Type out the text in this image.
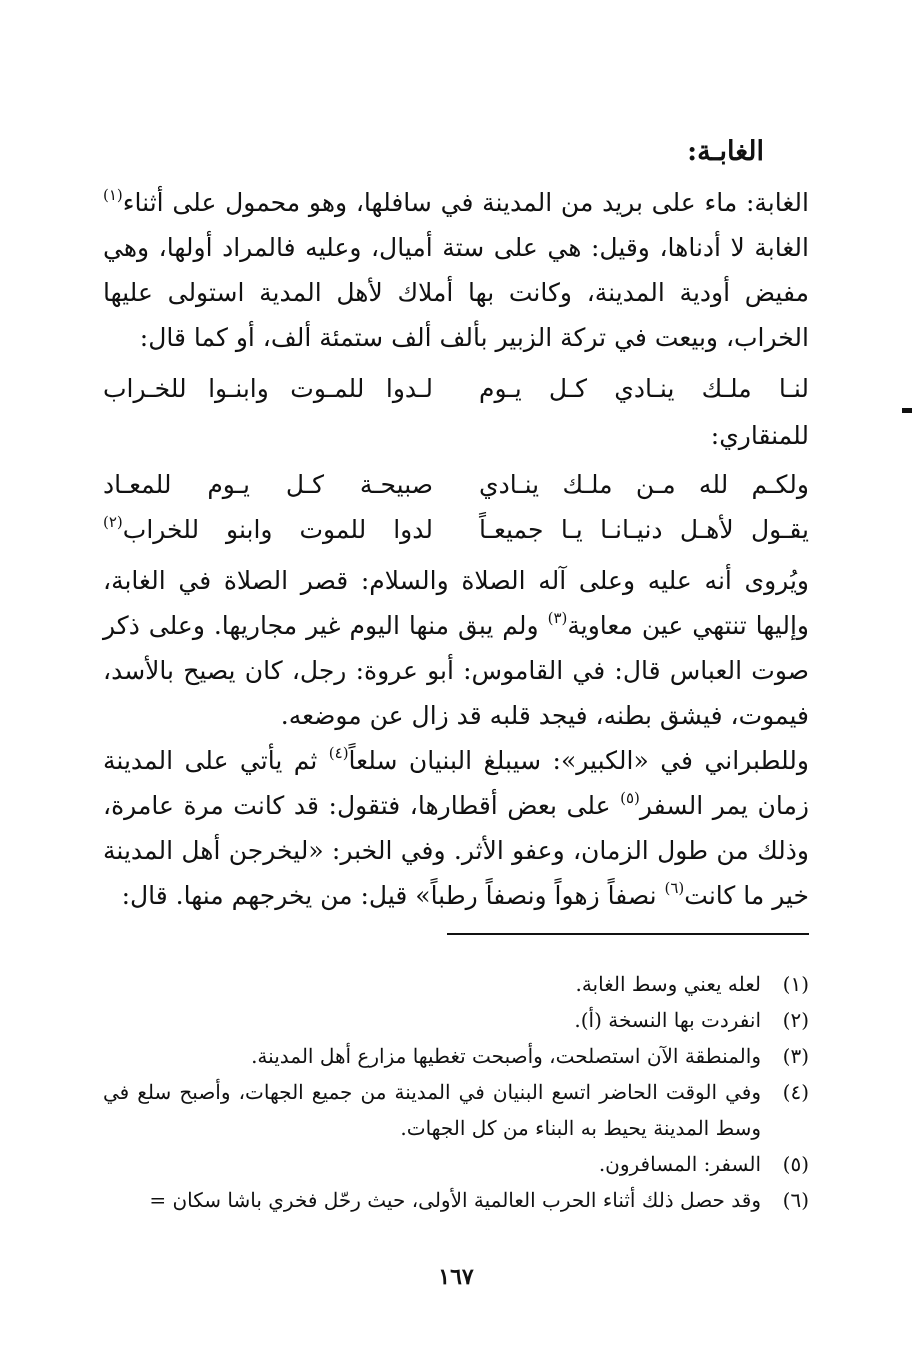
الغابـة:

الغابة: ماء على بريد من المدينة في سافلها، وهو محمول على أثناء$^{(١)}$ الغابة لا أدناها، وقيل: هي على ستة أميال، وعليه فالمراد أولها، وهي مفيض أودية المدينة، وكانت بها أملاك لأهل المدية استولى عليها الخراب، وبيعت في تركة الزبير بألف ألف ستمئة ألف، أو كما قال:

لنـا ملـك ينـادي كـل يـوم
لـدوا للمـوت وابنـوا للخـراب

للمنقاري:

ولكـم لله مـن ملـك ينـادي
صبيحـة كـل يـوم للمعـاد
يقـول لأهـل دنيـانـا يـا جميعـاً
لدوا للموت وابنو للخراب$^{(٢)}$

ويُروى أنه عليه وعلى آله الصلاة والسلام: قصر الصلاة في الغابة، وإليها تنتهي عين معاوية$^{(٣)}$ ولم يبق منها اليوم غير مجاريها. وعلى ذكر صوت العباس قال: في القاموس: أبو عروة: رجل، كان يصيح بالأسد، فيموت، فيشق بطنه، فيجد قلبه قد زال عن موضعه.

وللطبراني في «الكبير»: سيبلغ البنيان سلعاً$^{(٤)}$ ثم يأتي على المدينة زمان يمر السفر$^{(٥)}$ على بعض أقطارها، فتقول: قد كانت مرة عامرة، وذلك من طول الزمان، وعفو الأثر. وفي الخبر: «ليخرجن أهل المدينة خير ما كانت$^{(٦)}$ نصفاً زهواً ونصفاً رطباً» قيل: من يخرجهم منها. قال:

(١)
لعله يعني وسط الغابة.
(٢)
انفردت بها النسخة (أ).
(٣)
والمنطقة الآن استصلحت، وأصبحت تغطيها مزارع أهل المدينة.
(٤)
وفي الوقت الحاضر اتسع البنيان في المدينة من جميع الجهات، وأصبح سلع في وسط المدينة يحيط به البناء من كل الجهات.
(٥)
السفر: المسافرون.
(٦)
وقد حصل ذلك أثناء الحرب العالمية الأولى، حيث رحّل فخري باشا سكان =
١٦٧
